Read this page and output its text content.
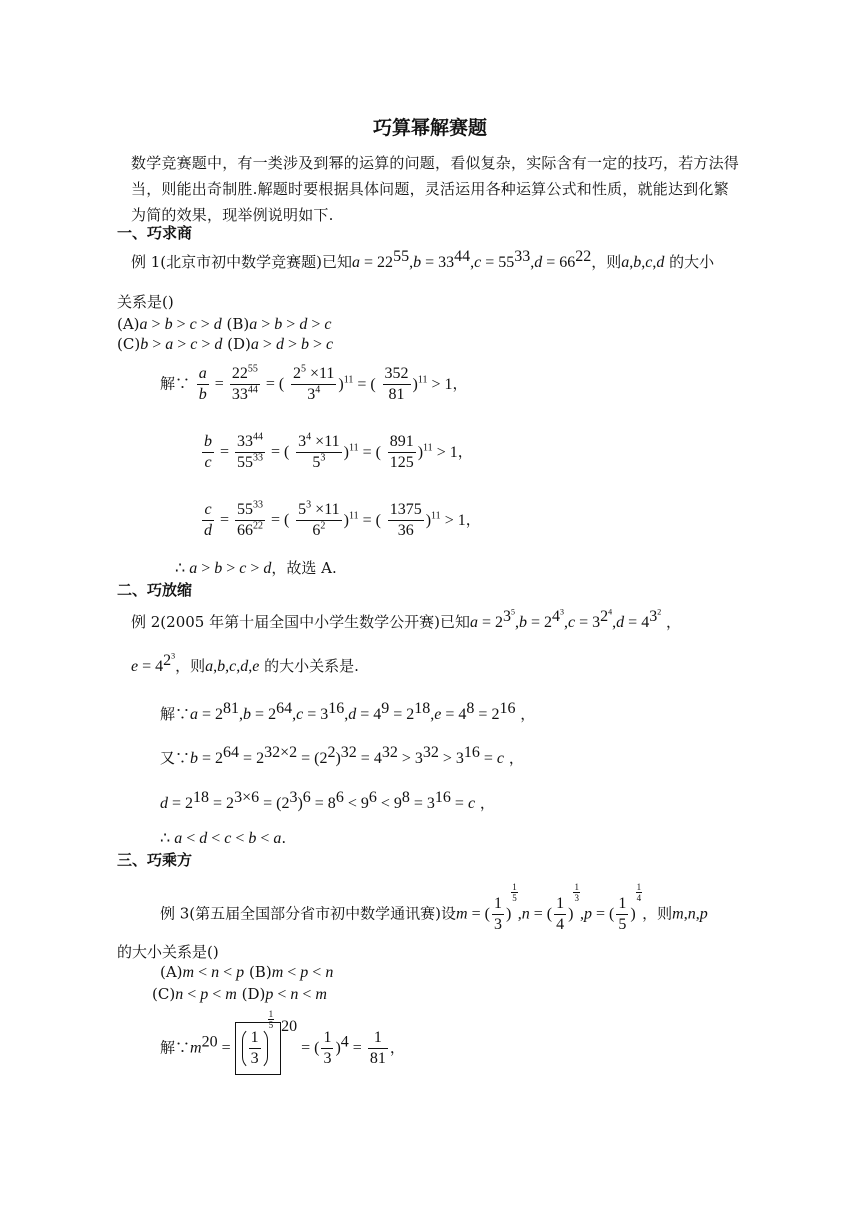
巧算幂解赛题
数学竞赛题中，有一类涉及到幂的运算的问题，看似复杂，实际含有一定的技巧，若方法得当，则能出奇制胜.解题时要根据具体问题，灵活运用各种运算公式和性质，就能达到化繁为简的效果，现举例说明如下.
一、巧求商
例 1(北京市初中数学竞赛题)已知$a = 22^{55},b = 33^{44},c = 55^{33},d = 66^{22}$，则a,b,c,d 的大小
关系是()
(A)a > b > c > d (B)a > b > d > c
(C)b > a > c > d (D)a > d > b > c
解∵ $\frac{a}{b} = \frac{22^{55}}{33^{44}}$ = ( $\frac{2^5 \times 11}{3^4} )^{11}$ = ( $\frac{352}{81} )^{11} > 1$，
$\frac{b}{c} = \frac{33^{44}}{55^{33}}$ = ( $\frac{3^4 \times 11}{5^3} )^{11}$ = ( $\frac{891}{125} )^{11} > 1$，
$\frac{c}{d} = \frac{55^{33}}{66^{22}}$ = ( $\frac{5^3 \times 11}{6^2} )^{11}$ = ( $\frac{1375}{36} )^{11} > 1$，
∴ a > b > c > d，故选 A.
二、巧放缩
例 2(2005 年第十届全国中小学生数学公开赛)已知$a = 2^{3^5},b = 2^{4^3},c = 3^{2^4},d = 4^{3^2}$ ，
$e = 4^{2^3}$，则a,b,c,d,e 的大小关系是.
解∵a = $2^{81},b = 2^{64},c = 3^{16},d = 4^9 = 2^{18},e = 4^8 = 2^{16}$ ，
又∵b = $2^{64} = 2^{32\times 2} = (2^2)^{32} = 4^{32} > 3^{32} > 3^{16} = c$ ，
$d = 2^{18} = 2^{3\times 6} = (2^3)^6 = 8^6 < 9^6 < 9^8 = 3^{16} = c$ ，
∴ a < d < c < b < a.
三、巧乘方
例 3(第五届全国部分省市初中数学通讯赛)设m = ( $\frac{1}{3}$ )
$\frac{1}{5}$
,n = ( $\frac{1}{4}$ )
$\frac{1}{3}$
,p = ( $\frac{1}{5}$ )
$\frac{1}{4}$
，则m,n,p
的大小关系是()
(A)m < n < p (B)m < p < n
(C)n < p < m (D)p < n < m
解$\because m^{20} = \frac{1}{3}$
$\frac{1}{5} ^{20}$ = ( $\frac{1}{3} )^4 = \frac{1}{81}$ ，
